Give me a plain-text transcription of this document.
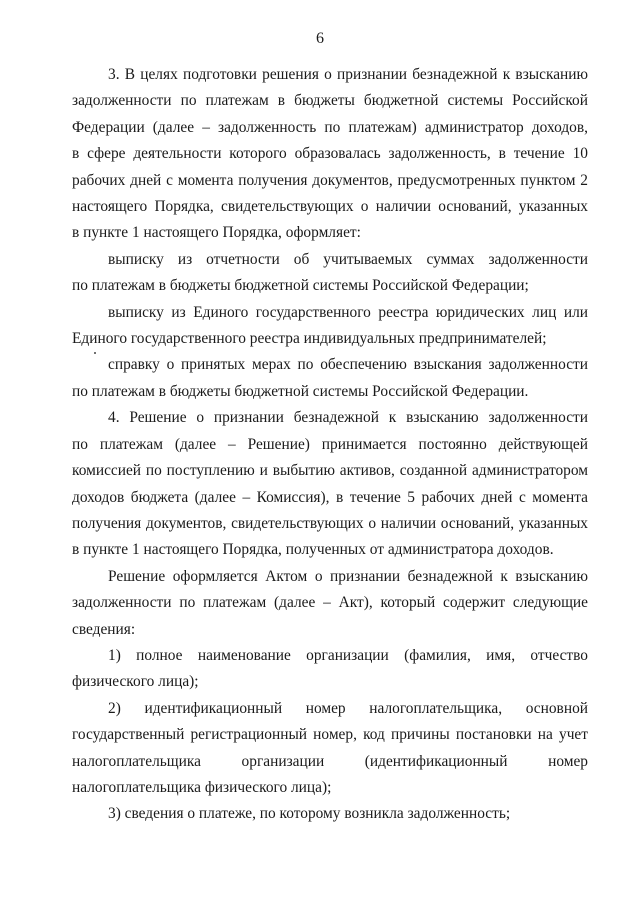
6

3. В целях подготовки решения о признании безнадежной к взысканию
задолженности по платежам в бюджеты бюджетной системы Российской
Федерации (далее – задолженность по платежам) администратор доходов,
в сфере деятельности которого образовалась задолженность, в течение 10
рабочих дней с момента получения документов, предусмотренных пунктом 2
настоящего Порядка, свидетельствующих о наличии оснований, указанных
в пункте 1 настоящего Порядка, оформляет:

выписку из отчетности об учитываемых суммах задолженности
по платежам в бюджеты бюджетной системы Российской Федерации;

выписку из Единого государственного реестра юридических лиц или
Единого государственного реестра индивидуальных предпринимателей;

справку о принятых мерах по обеспечению взыскания задолженности
по платежам в бюджеты бюджетной системы Российской Федерации.

4. Решение о признании безнадежной к взысканию задолженности
по платежам (далее – Решение) принимается постоянно действующей
комиссией по поступлению и выбытию активов, созданной администратором
доходов бюджета (далее – Комиссия), в течение 5 рабочих дней с момента
получения документов, свидетельствующих о наличии оснований, указанных
в пункте 1 настоящего Порядка, полученных от администратора доходов.

Решение оформляется Актом о признании безнадежной к взысканию
задолженности по платежам (далее – Акт), который содержит следующие
сведения:

1) полное наименование организации (фамилия, имя, отчество
физического лица);

2) идентификационный номер налогоплательщика, основной
государственный регистрационный номер, код причины постановки на учет
налогоплательщика организации (идентификационный номер
налогоплательщика физического лица);

3) сведения о платеже, по которому возникла задолженность;
